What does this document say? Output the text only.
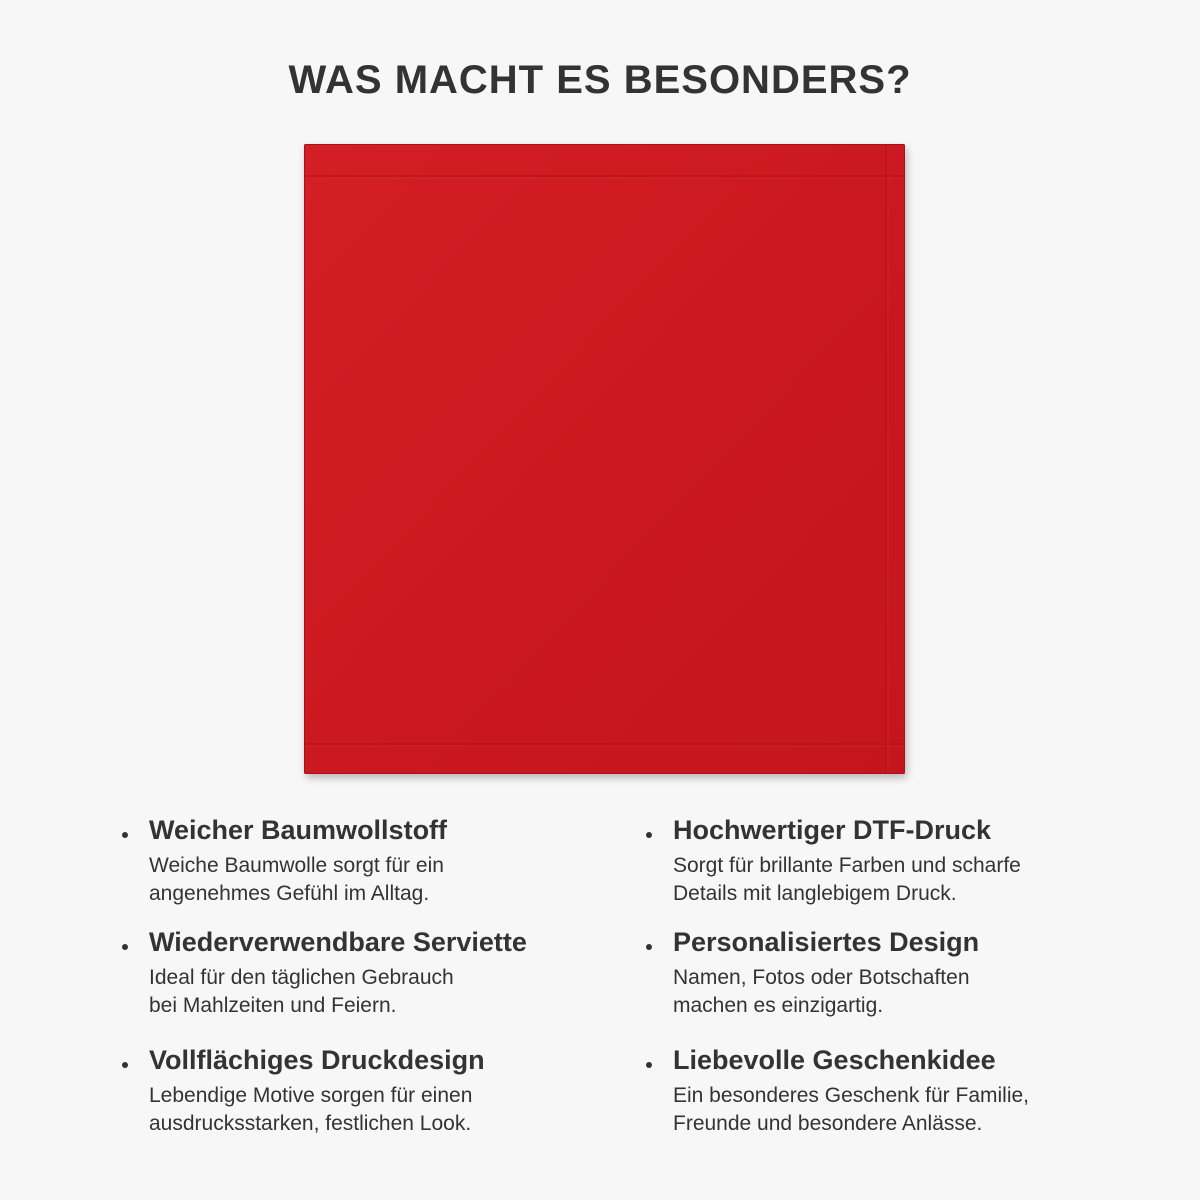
WAS MACHT ES BESONDERS?
Weicher Baumwollstoff
Weiche Baumwolle sorgt für ein
angenehmes Gefühl im Alltag.
Wiederverwendbare Serviette
Ideal für den täglichen Gebrauch
bei Mahlzeiten und Feiern.
Vollflächiges Druckdesign
Lebendige Motive sorgen für einen
ausdrucksstarken, festlichen Look.
Hochwertiger DTF-Druck
Sorgt für brillante Farben und scharfe
Details mit langlebigem Druck.
Personalisiertes Design
Namen, Fotos oder Botschaften
machen es einzigartig.
Liebevolle Geschenkidee
Ein besonderes Geschenk für Familie,
Freunde und besondere Anlässe.
